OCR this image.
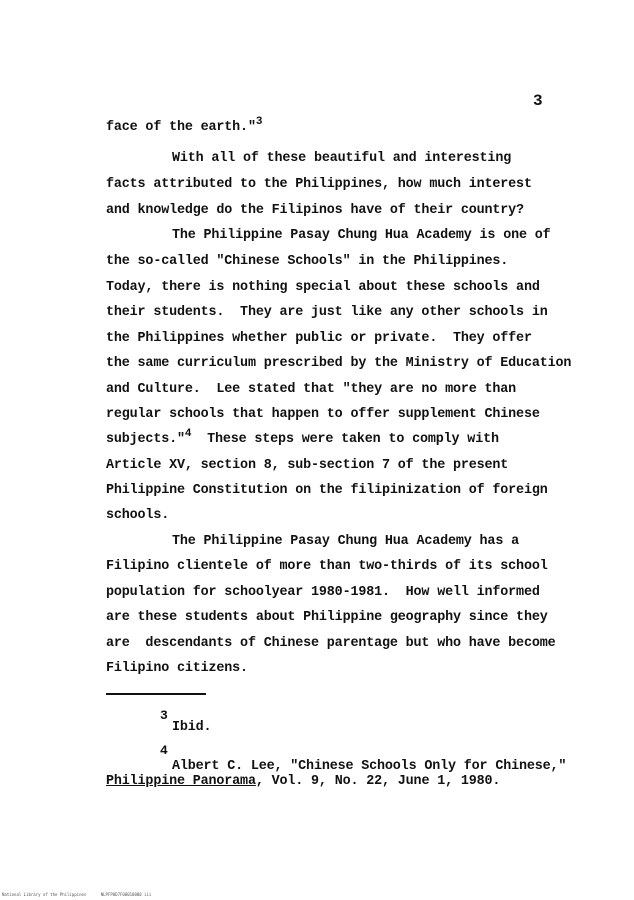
3
face of the earth."$^3$
With all of these beautiful and interesting
facts attributed to the Philippines, how much interest
and knowledge do the Filipinos have of their country?
The Philippine Pasay Chung Hua Academy is one of
the so-called "Chinese Schools" in the Philippines.
Today, there is nothing special about these schools and
their students.  They are just like any other schools in
the Philippines whether public or private.  They offer
the same curriculum prescribed by the Ministry of Education
and Culture.  Lee stated that "they are no more than
regular schools that happen to offer supplement Chinese
subjects."$^4$  These steps were taken to comply with
Article XV, section 8, sub-section 7 of the present
Philippine Constitution on the filipinization of foreign
schools.
The Philippine Pasay Chung Hua Academy has a
Filipino clientele of more than two-thirds of its school
population for schoolyear 1980-1981.  How well informed
are these students about Philippine geography since they
are  descendants of Chinese parentage but who have become
Filipino citizens.
3
Ibid.
4
Albert C. Lee, "Chinese Schools Only for Chinese,"
Philippine Panorama, Vol. 9, No. 22, June 1, 1980.
National Library of the Philippines      NLPFP0D7F00010000 iii
